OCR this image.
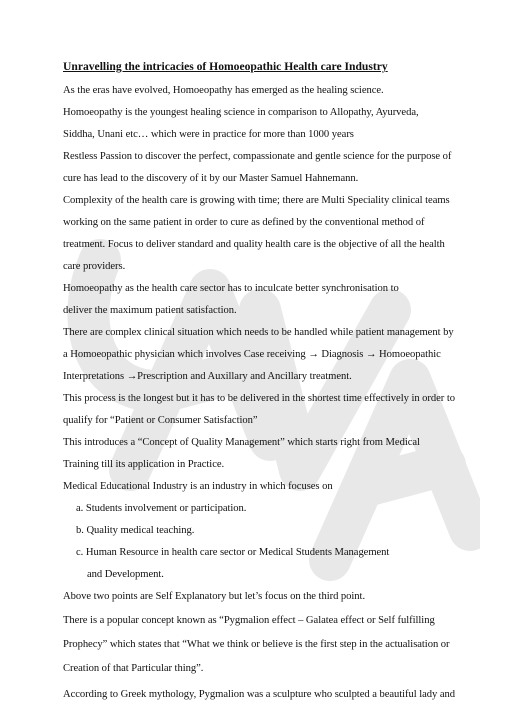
Unravelling the intricacies of Homoeopathic Health care Industry
As the eras have evolved, Homoeopathy has emerged as the healing science.
Homoeopathy is the youngest healing science in comparison to Allopathy, Ayurveda,
Siddha, Unani etc… which were in practice for more than 1000 years
Restless Passion to discover the perfect, compassionate and gentle science for the purpose of
cure has lead to the discovery of it by our Master Samuel Hahnemann.
Complexity of the health care is growing with time; there are Multi Speciality clinical teams
working on the same patient in order to cure as defined by the conventional method of
treatment. Focus to deliver standard and quality health care is the objective of all the health
care providers.
Homoeopathy as the health care sector has to inculcate better synchronisation to
deliver the maximum patient satisfaction.
There are complex clinical situation which needs to be handled while patient management by
a Homoeopathic physician which involves Case receiving → Diagnosis → Homoeopathic
Interpretations →Prescription and Auxillary and Ancillary treatment.
This process is the longest but it has to be delivered in the shortest time effectively in order to
qualify for “Patient or Consumer Satisfaction”
This introduces a “Concept of Quality Management” which starts right from Medical
Training till its application in Practice.
Medical Educational Industry is an industry in which focuses on
a. Students involvement or participation.
b. Quality medical teaching.
c. Human Resource in health care sector or Medical Students Management
and Development.
Above two points are Self Explanatory but let’s focus on the third point.
There is a popular concept known as “Pygmalion effect – Galatea effect or Self fulfilling
Prophecy” which states that “What we think or believe is the first step in the actualisation or
Creation of that Particular thing”.
According to Greek mythology, Pygmalion was a sculpture who sculpted a beautiful lady and
